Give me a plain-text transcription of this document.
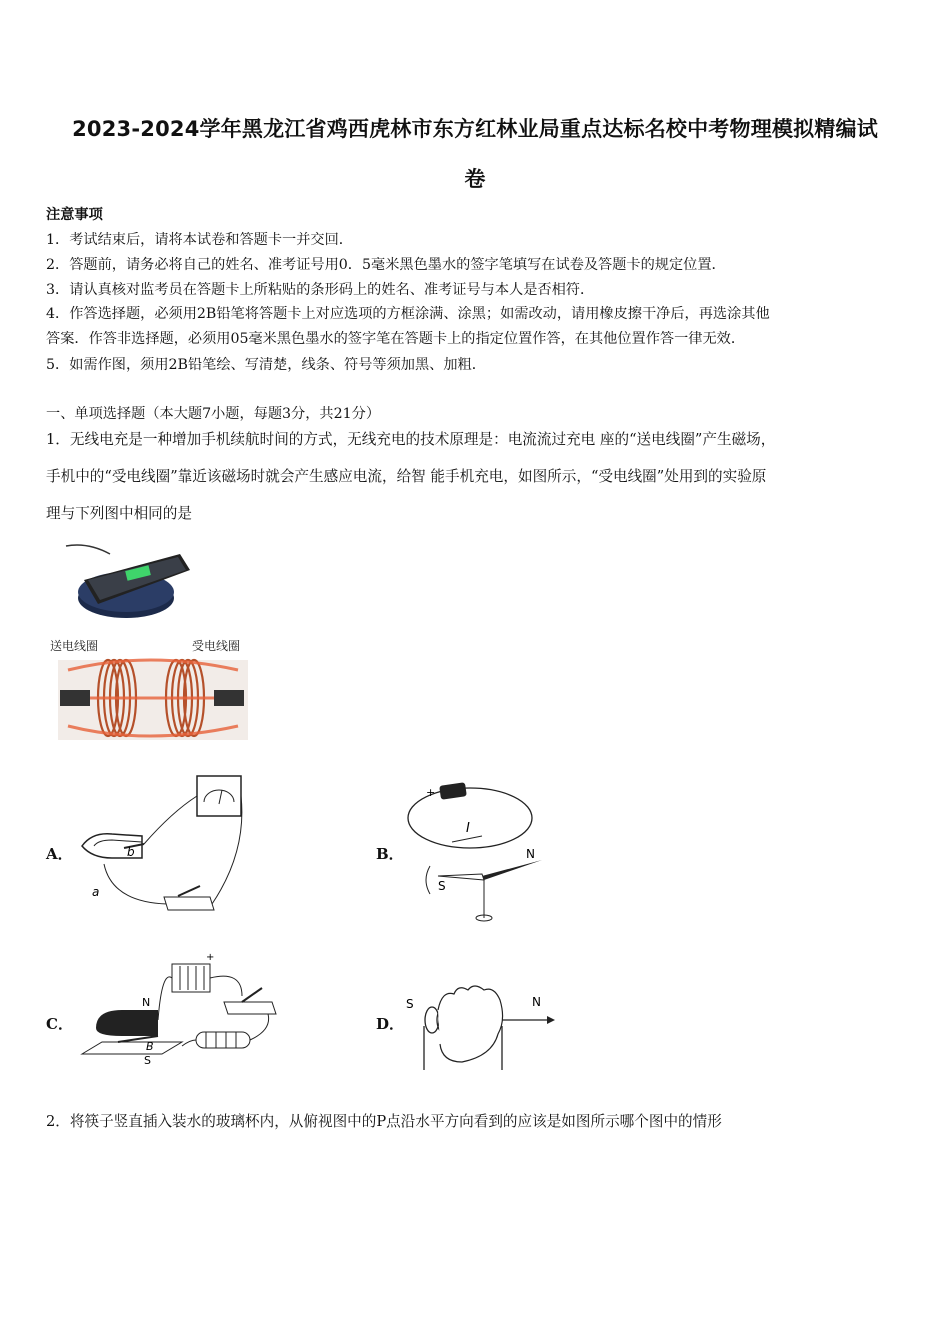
2023-2024学年黑龙江省鸡西虎林市东方红林业局重点达标名校中考物理模拟精编试
卷
注意事项
1．考试结束后，请将本试卷和答题卡一并交回．
2．答题前，请务必将自己的姓名、准考证号用0．5毫米黑色墨水的签字笔填写在试卷及答题卡的规定位置．
3．请认真核对监考员在答题卡上所粘贴的条形码上的姓名、准考证号与本人是否相符．
4．作答选择题，必须用2B铅笔将答题卡上对应选项的方框涂满、涂黑；如需改动，请用橡皮擦干净后，再选涂其他
答案．作答非选择题，必须用05毫米黑色墨水的签字笔在答题卡上的指定位置作答，在其他位置作答一律无效．
5．如需作图，须用2B铅笔绘、写清楚，线条、符号等须加黑、加粗．
一、单项选择题（本大题7小题，每题3分，共21分）
1．无线电充是一种增加手机续航时间的方式，无线充电的技术原理是：电流流过充电 座的“送电线圈”产生磁场，
手机中的“受电线圈”靠近该磁场时就会产生感应电流，给智 能手机充电，如图所示，“受电线圈”处用到的实验原
理与下列图中相同的是
送电线圈	受电线圈
A．	b
a
B．
+
I
N
S
C．
+
N
B
S
D．
S	N
2．将筷子竖直插入装水的玻璃杯内，从俯视图中的P点沿水平方向看到的应该是如图所示哪个图中的情形
